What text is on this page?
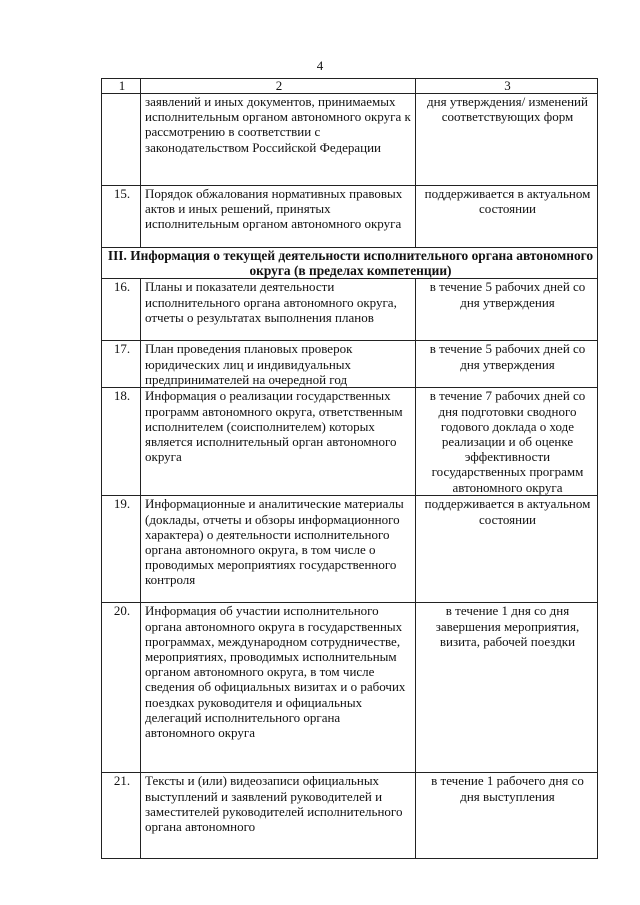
4
1	2	3
	заявлений и иных документов, принимаемых исполнительным органом автономного округа к рассмотрению в соответствии с законодательством Российской Федерации	дня утверждения/ изменений соответствующих форм
15.	Порядок обжалования нормативных правовых актов и иных решений, принятых исполнительным органом автономного округа	поддерживается в актуальном состоянии
III. Информация о текущей деятельности исполнительного органа автономного округа (в пределах компетенции)		
16.	Планы и показатели деятельности исполнительного органа автономного округа, отчеты о результатах выполнения планов	в течение 5 рабочих дней со дня утверждения
17.	План проведения плановых проверок юридических лиц и индивидуальных предпринимателей на очередной год	в течение 5 рабочих дней со дня утверждения
18.	Информация о реализации государственных программ автономного округа, ответственным исполнителем (соисполнителем) которых является исполнительный орган автономного округа	в течение 7 рабочих дней со дня подготовки сводного годового доклада о ходе реализации и об оценке эффективности государственных программ автономного округа
19.	Информационные и аналитические материалы (доклады, отчеты и обзоры информационного характера) о деятельности исполнительного органа автономного округа, в том числе о проводимых мероприятиях государственного контроля	поддерживается в актуальном состоянии
20.	Информация об участии исполнительного органа автономного округа в государственных программах, международном сотрудничестве, мероприятиях, проводимых исполнительным органом автономного округа, в том числе сведения об официальных визитах и о рабочих поездках руководителя и официальных делегаций исполнительного органа автономного округа	в течение 1 дня со дня завершения мероприятия, визита, рабочей поездки
21.	Тексты и (или) видеозаписи официальных выступлений и заявлений руководителей и заместителей руководителей исполнительного органа автономного	в течение 1 рабочего дня со дня выступления
